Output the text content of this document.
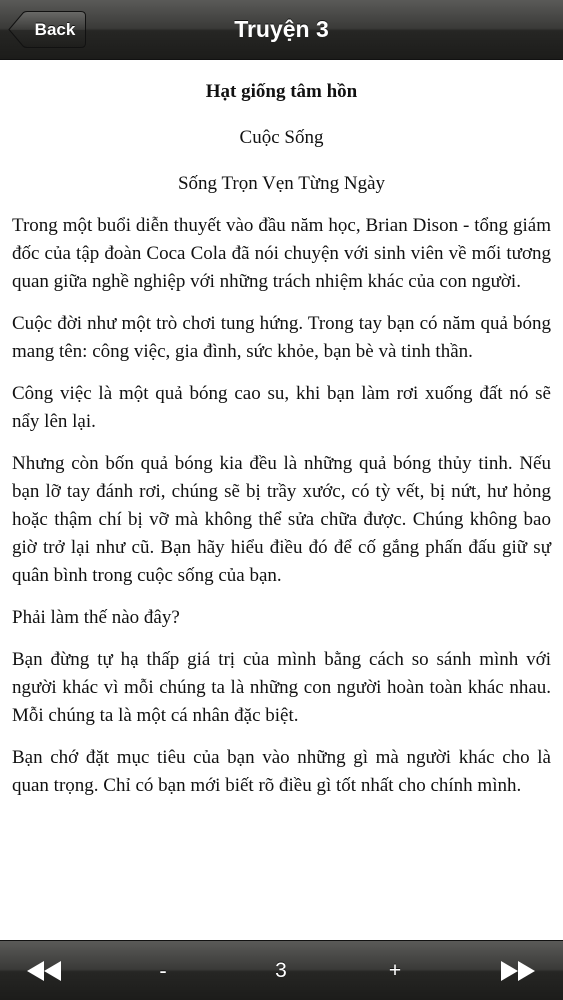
Back	Truyện 3
Hạt giống tâm hồn
Cuộc Sống
Sống Trọn Vẹn Từng Ngày

Trong một buổi diễn thuyết vào đầu năm học, Brian Dison - tổng giám đốc của tập đoàn Coca Cola đã nói chuyện với sinh viên về mối tương quan giữa nghề nghiệp với những trách nhiệm khác của con người.

Cuộc đời như một trò chơi tung hứng. Trong tay bạn có năm quả bóng mang tên: công việc, gia đình, sức khỏe, bạn bè và tinh thần.

Công việc là một quả bóng cao su, khi bạn làm rơi xuống đất nó sẽ nẩy lên lại.

Nhưng còn bốn quả bóng kia đều là những quả bóng thủy tinh. Nếu bạn lỡ tay đánh rơi, chúng sẽ bị trầy xước, có tỳ vết, bị nứt, hư hỏng hoặc thậm chí bị vỡ mà không thể sửa chữa được. Chúng không bao giờ trở lại như cũ. Bạn hãy hiểu điều đó để cố gắng phấn đấu giữ sự quân bình trong cuộc sống của bạn.

Phải làm thế nào đây?

Bạn đừng tự hạ thấp giá trị của mình bằng cách so sánh mình với người khác vì mỗi chúng ta là những con người hoàn toàn khác nhau. Mỗi chúng ta là một cá nhân đặc biệt.

Bạn chớ đặt mục tiêu của bạn vào những gì mà người khác cho là quan trọng. Chỉ có bạn mới biết rõ điều gì tốt nhất cho chính mình.

-	3	+
